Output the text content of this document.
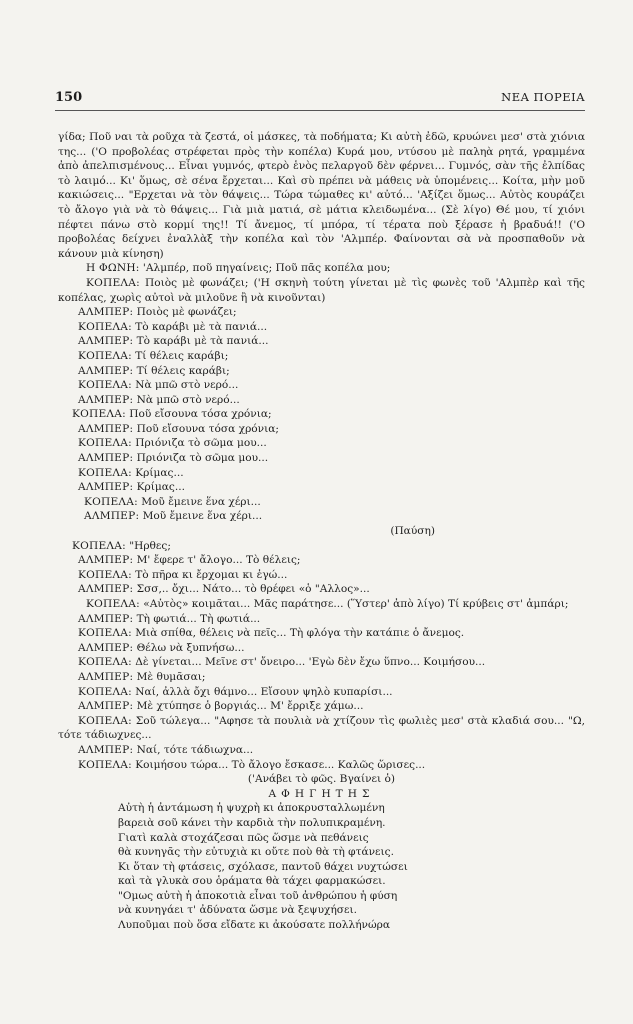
150	ΝΕΑ ΠΟΡΕΙΑ

γίδα; Ποῦ ναι τὰ ροῦχα τὰ ζεστά, οἱ μάσκες, τὰ ποδήματα; Κι αὐτὴ ἐδῶ, κρυώνει μεσ' στὰ χιόνια της... ('Ο προβολέας στρέφεται πρὸς τὴν κοπέλα) Κυρά μου, ντύσου μὲ παληὰ ρητά, γραμμένα ἀπὸ ἀπελπισμένους... Εἶναι γυμνός, φτερὸ ἑνὸς πελαργοῦ δὲν φέρνει... Γυμνός, σὰν τῆς ἐλπίδας τὸ λαιμό... Κι' ὅμως, σὲ σένα ἔρχεται... Καὶ σὺ πρέπει νὰ μάθεις νὰ ὑπομένεις... Κοίτα, μὴν μοῦ κακιώσεις... "Ερχεται νὰ τὸν θάψεις... Τώρα τώμαθες κι' αὐτό... 'Αξίζει ὅμως... Αὐτὸς κουράζει τὸ ἄλογο γιὰ νὰ τὸ θάψεις... Γιὰ μιὰ ματιά, σὲ μάτια κλειδωμένα... (Σὲ λίγο) Θέ μου, τί χιόνι πέφτει πάνω στὸ κορμί της!! Τί ἄνεμος, τί μπόρα, τί τέρατα ποὺ ξέρασε ἡ βραδυά!! ('Ο προβολέας δείχνει ἐναλλὰξ τὴν κοπέλα καὶ τὸν 'Αλμπέρ. Φαίνονται σὰ νὰ προσπαθοῦν νὰ κάνουν μιὰ κίνηση)

Η ΦΩΝΗ: 'Αλμπέρ, ποῦ πηγαίνεις; Ποῦ πᾶς κοπέλα μου;

ΚΟΠΕΛΑ: Ποιὸς μὲ φωνάζει; ('Η σκηνὴ τούτη γίνεται μὲ τὶς φωνὲς τοῦ 'Αλμπὲρ καὶ τῆς κοπέλας, χωρὶς αὐτοὶ νὰ μιλοῦνε ἢ νὰ κινοῦνται)

ΑΛΜΠΕΡ: Ποιὸς μὲ φωνάζει;

ΚΟΠΕΛΑ: Τὸ καράβι μὲ τὰ πανιά...

ΑΛΜΠΕΡ: Τὸ καράβι μὲ τὰ πανιά...

ΚΟΠΕΛΑ: Τί θέλεις καράβι;

ΑΛΜΠΕΡ: Τί θέλεις καράβι;

ΚΟΠΕΛΑ: Νὰ μπῶ στὸ νερό...

ΑΛΜΠΕΡ: Νὰ μπῶ στὸ νερό...

ΚΟΠΕΛΑ: Ποῦ εἴσουνα τόσα χρόνια;

ΑΛΜΠΕΡ: Ποῦ εἴσουνα τόσα χρόνια;

ΚΟΠΕΛΑ: Πριόνιζα τὸ σῶμα μου...

ΑΛΜΠΕΡ: Πριόνιζα τὸ σῶμα μου...

ΚΟΠΕΛΑ: Κρίμας...

ΑΛΜΠΕΡ: Κρίμας...

ΚΟΠΕΛΑ: Μοῦ ἔμεινε ἕνα χέρι...

ΑΛΜΠΕΡ: Μοῦ ἔμεινε ἕνα χέρι...

(Παύση)

ΚΟΠΕΛΑ: "Ηρθες;

ΑΛΜΠΕΡ: Μ' ἔφερε τ' ἄλογο... Τὸ θέλεις;

ΚΟΠΕΛΑ: Τὸ πῆρα κι ἔρχομαι κι ἐγώ...

ΑΛΜΠΕΡ: Σσσ,.. ὄχι... Νάτο... τὸ θρέφει «ὁ "Αλλος»...

ΚΟΠΕΛΑ: «Αὐτὸς» κοιμᾶται... Μᾶς παράτησε... (Ὕστερ' ἀπὸ λίγο) Τί κρύβεις στ' ἀμπάρι;

ΑΛΜΠΕΡ: Τὴ φωτιά... Τὴ φωτιά...

ΚΟΠΕΛΑ: Μιὰ σπίθα, θέλεις νὰ πεῖς... Τὴ φλόγα τὴν κατάπιε ὁ ἄνεμος.

ΑΛΜΠΕΡ: Θέλω νὰ ξυπνήσω...

ΚΟΠΕΛΑ: Δὲ γίνεται... Μεῖνε στ' ὄνειρο... 'Εγὼ δὲν ἔχω ὕπνο... Κοιμήσου...

ΑΛΜΠΕΡ: Μὲ θυμᾶσαι;

ΚΟΠΕΛΑ: Ναί, ἀλλὰ ὄχι θάμνο... Εἴσουν ψηλὸ κυπαρίσι...

ΑΛΜΠΕΡ: Μὲ χτύπησε ὁ βοργιάς... Μ' ἔρριξε χάμω...

ΚΟΠΕΛΑ: Σοῦ τώλεγα... "Αφησε τὰ πουλιὰ νὰ χτίζουν τὶς φωλιὲς μεσ' στὰ κλαδιά σου... "Ω, τότε τάδιωχνες...

ΑΛΜΠΕΡ: Ναί, τότε τάδιωχνα...

ΚΟΠΕΛΑ: Κοιμήσου τώρα... Τὸ ἄλογο ἔσκασε... Καλῶς ὥρισες...

('Ανάβει τὸ φῶς. Βγαίνει ὁ)

ΑΦΗΓΗΤΗΣ

Αὐτὴ ἡ ἀντάμωση ἡ ψυχρὴ κι ἀποκρυσταλλωμένη

βαρειὰ σοῦ κάνει τὴν καρδιὰ τὴν πολυπικραμένη.

Γιατὶ καλὰ στοχάζεσαι πῶς ὥσμε νὰ πεθάνεις

θὰ κυνηγᾶς τὴν εὐτυχιὰ κι οὔτε ποὺ θὰ τὴ φτάνεις.

Κι ὅταν τὴ φτάσεις, σχόλασε, παντοῦ θάχει νυχτώσει

καὶ τὰ γλυκὰ σου ὁράματα θὰ τάχει φαρμακώσει.

"Ομως αὐτὴ ἡ ἀποκοτιὰ εἶναι τοῦ ἀνθρώπου ἡ φύση

νὰ κυνηγάει τ' ἀδύνατα ὥσμε νὰ ξεψυχήσει.

Λυποῦμαι ποὺ ὅσα εἴδατε κι ἀκούσατε πολλήνώρα
